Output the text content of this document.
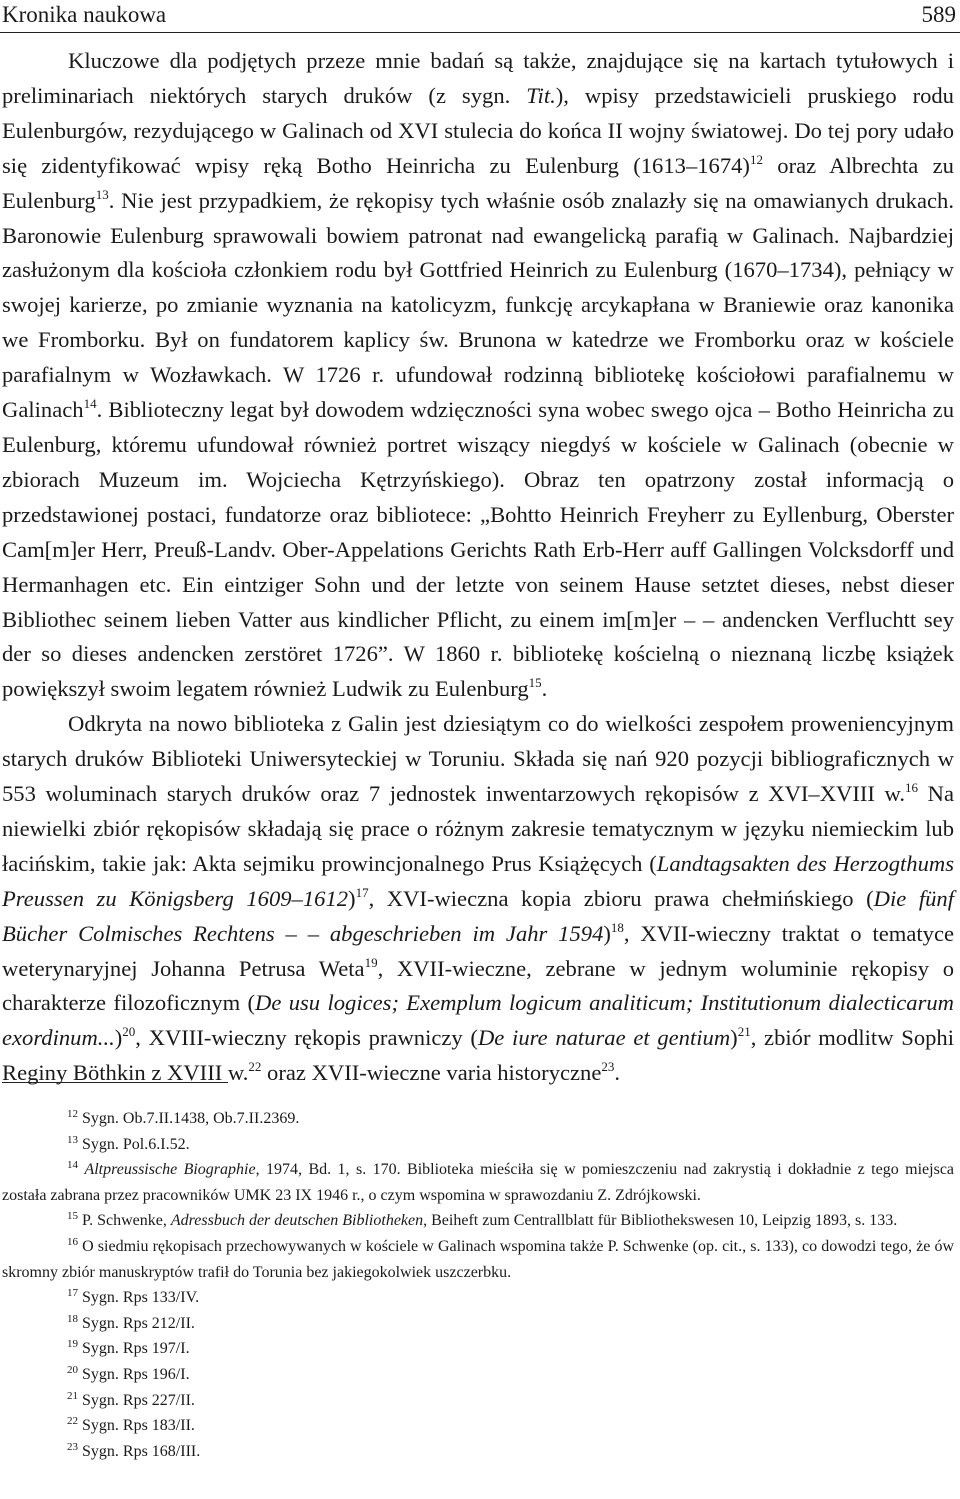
Kronika naukowa	589

Kluczowe dla podjętych przeze mnie badań są także, znajdujące się na kartach tytułowych i preliminariach niektórych starych druków (z sygn. Tit.), wpisy przedstawicieli pruskiego rodu Eulenburgów, rezydującego w Galinach od XVI stulecia do końca II wojny światowej. Do tej pory udało się zidentyfikować wpisy ręką Botho Heinricha zu Eulenburg (1613–1674)$^{12}$ oraz Albrechta zu Eulenburg$^{13}$. Nie jest przypadkiem, że rękopisy tych właśnie osób znalazły się na omawianych drukach. Baronowie Eulenburg sprawowali bowiem patronat nad ewangelicką parafią w Galinach. Najbardziej zasłużonym dla kościoła członkiem rodu był Gottfried Heinrich zu Eulenburg (1670–1734), pełniący w swojej karierze, po zmianie wyznania na katolicyzm, funkcję arcykapłana w Braniewie oraz kanonika we Fromborku. Był on fundatorem kaplicy św. Brunona w katedrze we Fromborku oraz w kościele parafialnym w Wozławkach. W 1726 r. ufundował rodzinną bibliotekę kościołowi parafialnemu w Galinach$^{14}$. Biblioteczny legat był dowodem wdzięczności syna wobec swego ojca – Botho Heinricha zu Eulenburg, któremu ufundował również portret wiszący niegdyś w kościele w Galinach (obecnie w zbiorach Muzeum im. Wojciecha Kętrzyńskiego). Obraz ten opatrzony został informacją o przedstawionej postaci, fundatorze oraz bibliotece: „Bohtto Heinrich Freyherr zu Eyllenburg, Oberster Cam[m]er Herr, Preuß-Landv. Ober-Appelations Gerichts Rath Erb-Herr auff Gallingen Volcksdorff und Hermanhagen etc. Ein eintziger Sohn und der letzte von seinem Hause setztet dieses, nebst dieser Bibliothec seinem lieben Vatter aus kindlicher Pflicht, zu einem im[m]er – – andencken Verfluchtt sey der so dieses andencken zerstöret 1726”. W 1860 r. bibliotekę kościelną o nieznaną liczbę książek powiększył swoim legatem również Ludwik zu Eulenburg$^{15}$.

Odkryta na nowo biblioteka z Galin jest dziesiątym co do wielkości zespołem proweniencyjnym starych druków Biblioteki Uniwersyteckiej w Toruniu. Składa się nań 920 pozycji bibliograficznych w 553 woluminach starych druków oraz 7 jednostek inwentarzowych rękopisów z XVI–XVIII w.$^{16}$ Na niewielki zbiór rękopisów składają się prace o różnym zakresie tematycznym w języku niemieckim lub łacińskim, takie jak: Akta sejmiku prowincjonalnego Prus Książęcych (Landtagsakten des Herzogthums Preussen zu Königsberg 1609–1612)$^{17}$, XVI-wieczna kopia zbioru prawa chełmińskiego (Die fünf Bücher Colmisches Rechtens – – abgeschrieben im Jahr 1594)$^{18}$, XVII-wieczny traktat o tematyce weterynaryjnej Johanna Petrusa Weta$^{19}$, XVII-wieczne, zebrane w jednym woluminie rękopisy o charakterze filozoficznym (De usu logices; Exemplum logicum analiticum; Institutionum dialecticarum exordinum...)$^{20}$, XVIII-wieczny rękopis prawniczy (De iure naturae et gentium)$^{21}$, zbiór modlitw Sophi Reginy Böthkin z XVIII w.$^{22}$ oraz XVII-wieczne varia historyczne$^{23}$.

$^{12}$ Sygn. Ob.7.II.1438, Ob.7.II.2369.

$^{13}$ Sygn. Pol.6.I.52.

$^{14}$ Altpreussische Biographie, 1974, Bd. 1, s. 170. Biblioteka mieściła się w pomieszczeniu nad zakrystią i dokładnie z tego miejsca została zabrana przez pracowników UMK 23 IX 1946 r., o czym wspomina w sprawozdaniu Z. Zdrójkowski.

$^{15}$ P. Schwenke, Adressbuch der deutschen Bibliotheken, Beiheft zum Centrallblatt für Bibliothekswesen 10, Leipzig 1893, s. 133.

$^{16}$ O siedmiu rękopisach przechowywanych w kościele w Galinach wspomina także P. Schwenke (op. cit., s. 133), co dowodzi tego, że ów skromny zbiór manuskryptów trafił do Torunia bez jakiegokolwiek uszczerbku.

$^{17}$ Sygn. Rps 133/IV.

$^{18}$ Sygn. Rps 212/II.

$^{19}$ Sygn. Rps 197/I.

$^{20}$ Sygn. Rps 196/I.

$^{21}$ Sygn. Rps 227/II.

$^{22}$ Sygn. Rps 183/II.

$^{23}$ Sygn. Rps 168/III.
